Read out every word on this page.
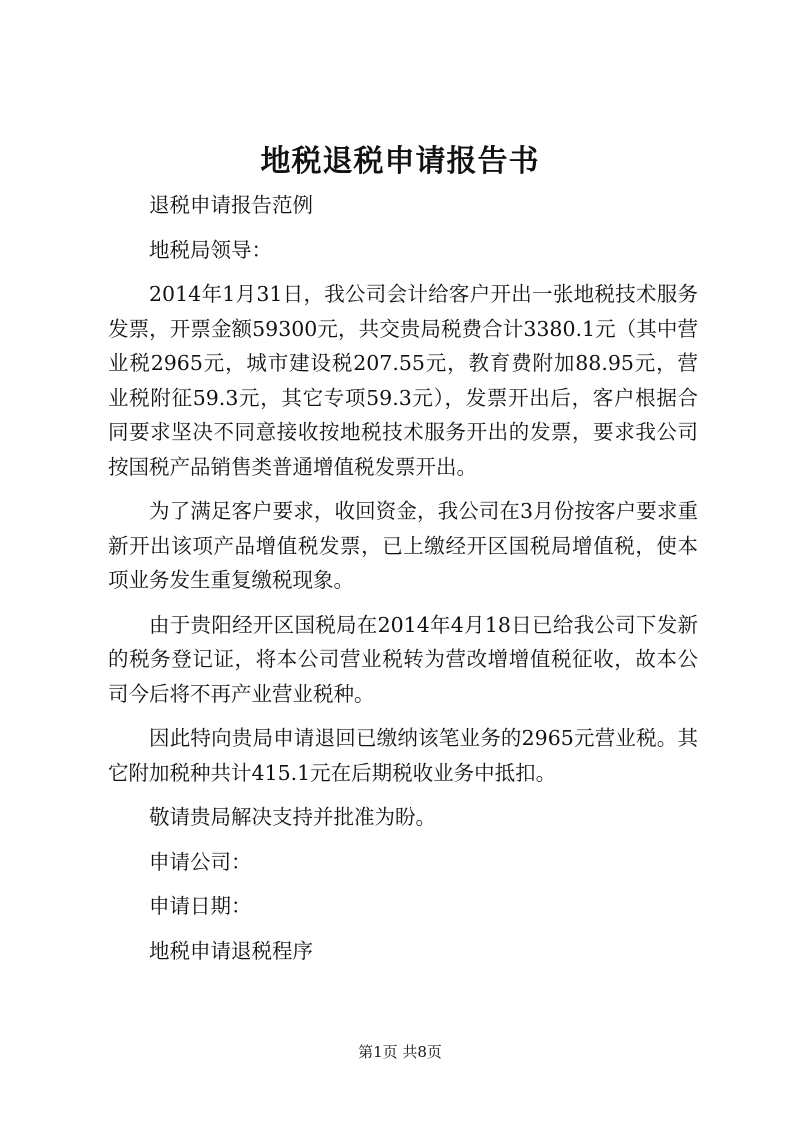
地税退税申请报告书

退税申请报告范例

地税局领导：

2014年1月31日，我公司会计给客户开出一张地税技术服务发票，开票金额59300元，共交贵局税费合计3380.1元（其中营业税2965元，城市建设税207.55元，教育费附加88.95元，营业税附征59.3元，其它专项59.3元），发票开出后，客户根据合同要求坚决不同意接收按地税技术服务开出的发票，要求我公司按国税产品销售类普通增值税发票开出。

为了满足客户要求，收回资金，我公司在3月份按客户要求重新开出该项产品增值税发票，已上缴经开区国税局增值税，使本项业务发生重复缴税现象。

由于贵阳经开区国税局在2014年4月18日已给我公司下发新的税务登记证，将本公司营业税转为营改增增值税征收，故本公司今后将不再产业营业税种。

因此特向贵局申请退回已缴纳该笔业务的2965元营业税。其它附加税种共计415.1元在后期税收业务中抵扣。

敬请贵局解决支持并批准为盼。

申请公司：

申请日期：

地税申请退税程序

第1页 共8页
